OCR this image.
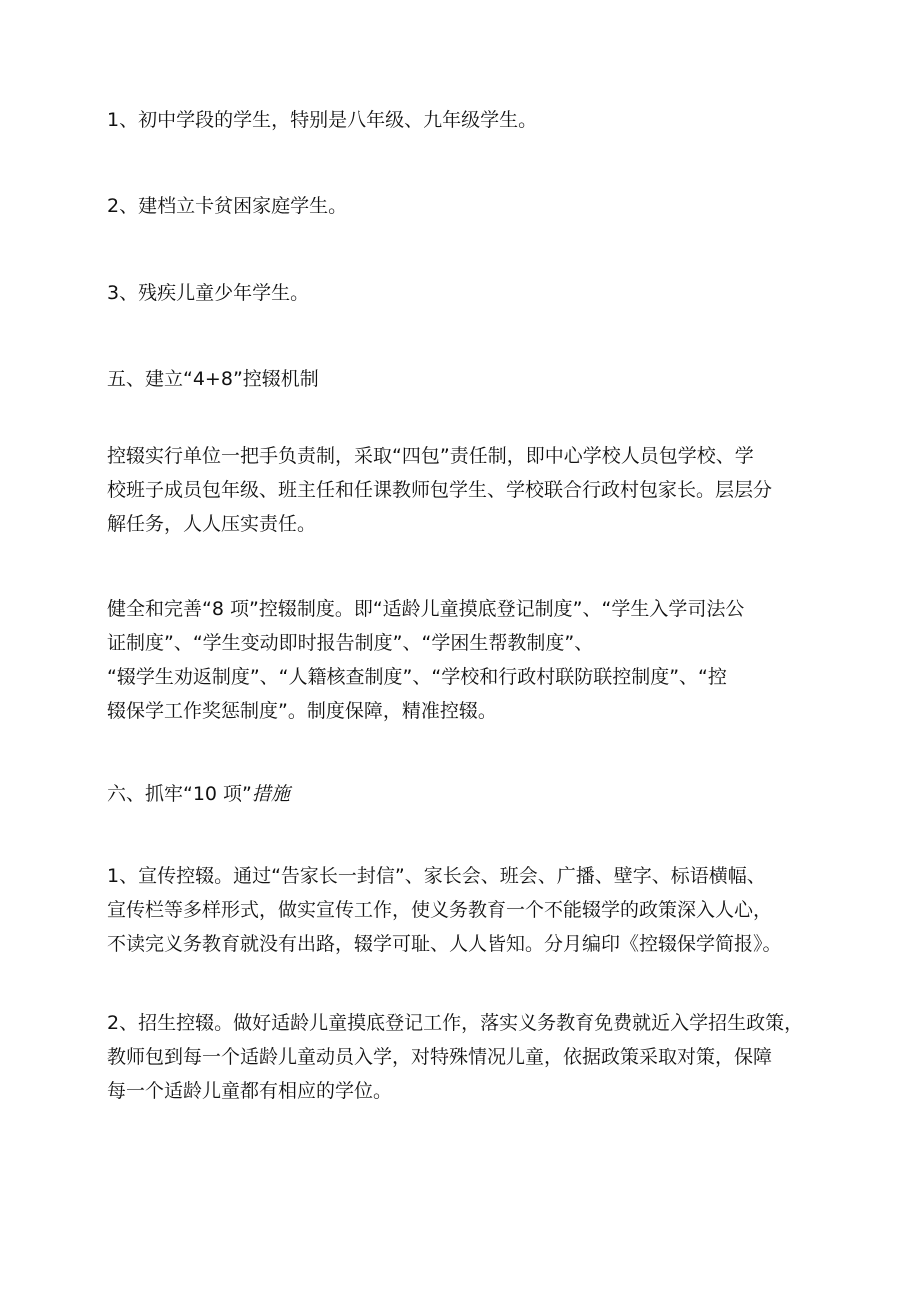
1、初中学段的学生，特别是八年级、九年级学生。

2、建档立卡贫困家庭学生。

3、残疾儿童少年学生。

五、建立“4+8”控辍机制

控辍实行单位一把手负责制，采取“四包”责任制，即中心学校人员包学校、学
校班子成员包年级、班主任和任课教师包学生、学校联合行政村包家长。层层分
解任务，人人压实责任。

健全和完善“8 项”控辍制度。即“适龄儿童摸底登记制度”、“学生入学司法公
证制度”、“学生变动即时报告制度”、“学困生帮教制度”、
“辍学生劝返制度”、“人籍核查制度”、“学校和行政村联防联控制度”、“控
辍保学工作奖惩制度”。制度保障，精准控辍。

六、抓牢“10 项”措施

1、宣传控辍。通过“告家长一封信”、家长会、班会、广播、壁字、标语横幅、
宣传栏等多样形式，做实宣传工作，使义务教育一个不能辍学的政策深入人心，
不读完义务教育就没有出路，辍学可耻、人人皆知。分月编印《控辍保学简报》。

2、招生控辍。做好适龄儿童摸底登记工作，落实义务教育免费就近入学招生政策，
教师包到每一个适龄儿童动员入学，对特殊情况儿童，依据政策采取对策，保障
每一个适龄儿童都有相应的学位。
